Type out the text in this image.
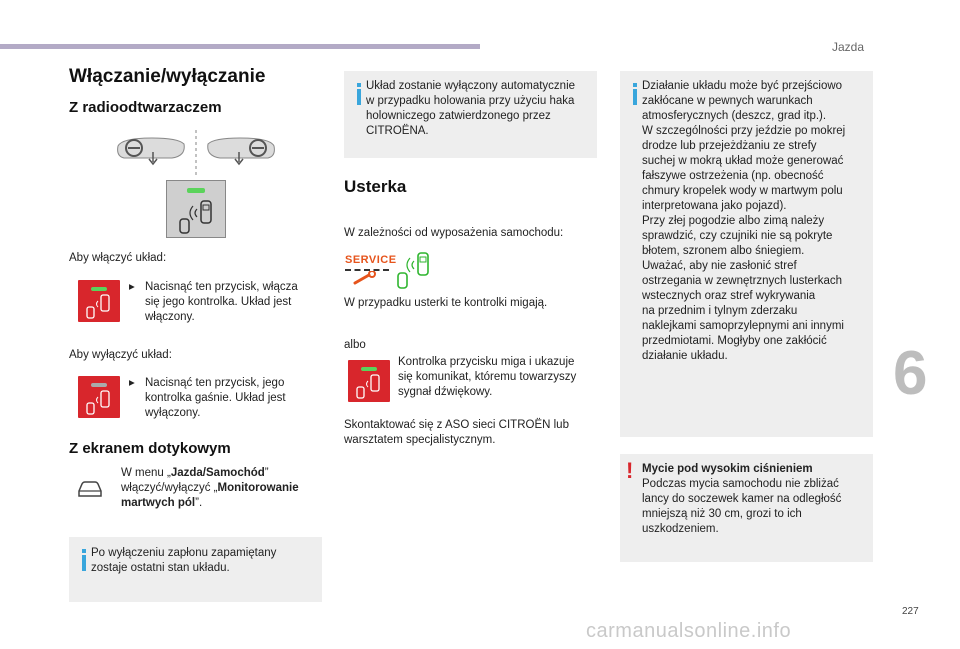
Jazda
6
227
carmanualsonline.info
Włączanie/wyłączanie
Z radioodtwarzaczem
Aby włączyć układ:
▸ Nacisnąć ten przycisk, włącza
się jego kontrolka. Układ jest
włączony.
Aby wyłączyć układ:
▸ Nacisnąć ten przycisk, jego
kontrolka gaśnie. Układ jest
wyłączony.
Z ekranem dotykowym
W menu „Jazda/Samochód”
włączyć/wyłączyć „Monitorowanie
martwych pól”.
Po wyłączeniu zapłonu zapamiętany
zostaje ostatni stan układu.
Układ zostanie wyłączony automatycznie
w przypadku holowania przy użyciu haka
holowniczego zatwierdzonego przez
CITROËNA.
Usterka
W zależności od wyposażenia samochodu:
SERVICE
W przypadku usterki te kontrolki migają.
albo
Kontrolka przycisku miga i ukazuje
się komunikat, któremu towarzyszy
sygnał dźwiękowy.
Skontaktować się z ASO sieci CITROËN lub
warsztatem specjalistycznym.
Działanie układu może być przejściowo
zakłócane w pewnych warunkach
atmosferycznych (deszcz, grad itp.).
W szczególności przy jeździe po mokrej
drodze lub przejeżdżaniu ze strefy
suchej w mokrą układ może generować
fałszywe ostrzeżenia (np. obecność
chmury kropelek wody w martwym polu
interpretowana jako pojazd).
Przy złej pogodzie albo zimą należy
sprawdzić, czy czujniki nie są pokryte
błotem, szronem albo śniegiem.
Uważać, aby nie zasłonić stref
ostrzegania w zewnętrznych lusterkach
wstecznych oraz stref wykrywania
na przednim i tylnym zderzaku
naklejkami samoprzylepnymi ani innymi
przedmiotami. Mogłyby one zakłócić
działanie układu.
! Mycie pod wysokim ciśnieniem
Podczas mycia samochodu nie zbliżać
lancy do soczewek kamer na odległość
mniejszą niż 30 cm, grozi to ich
uszkodzeniem.
